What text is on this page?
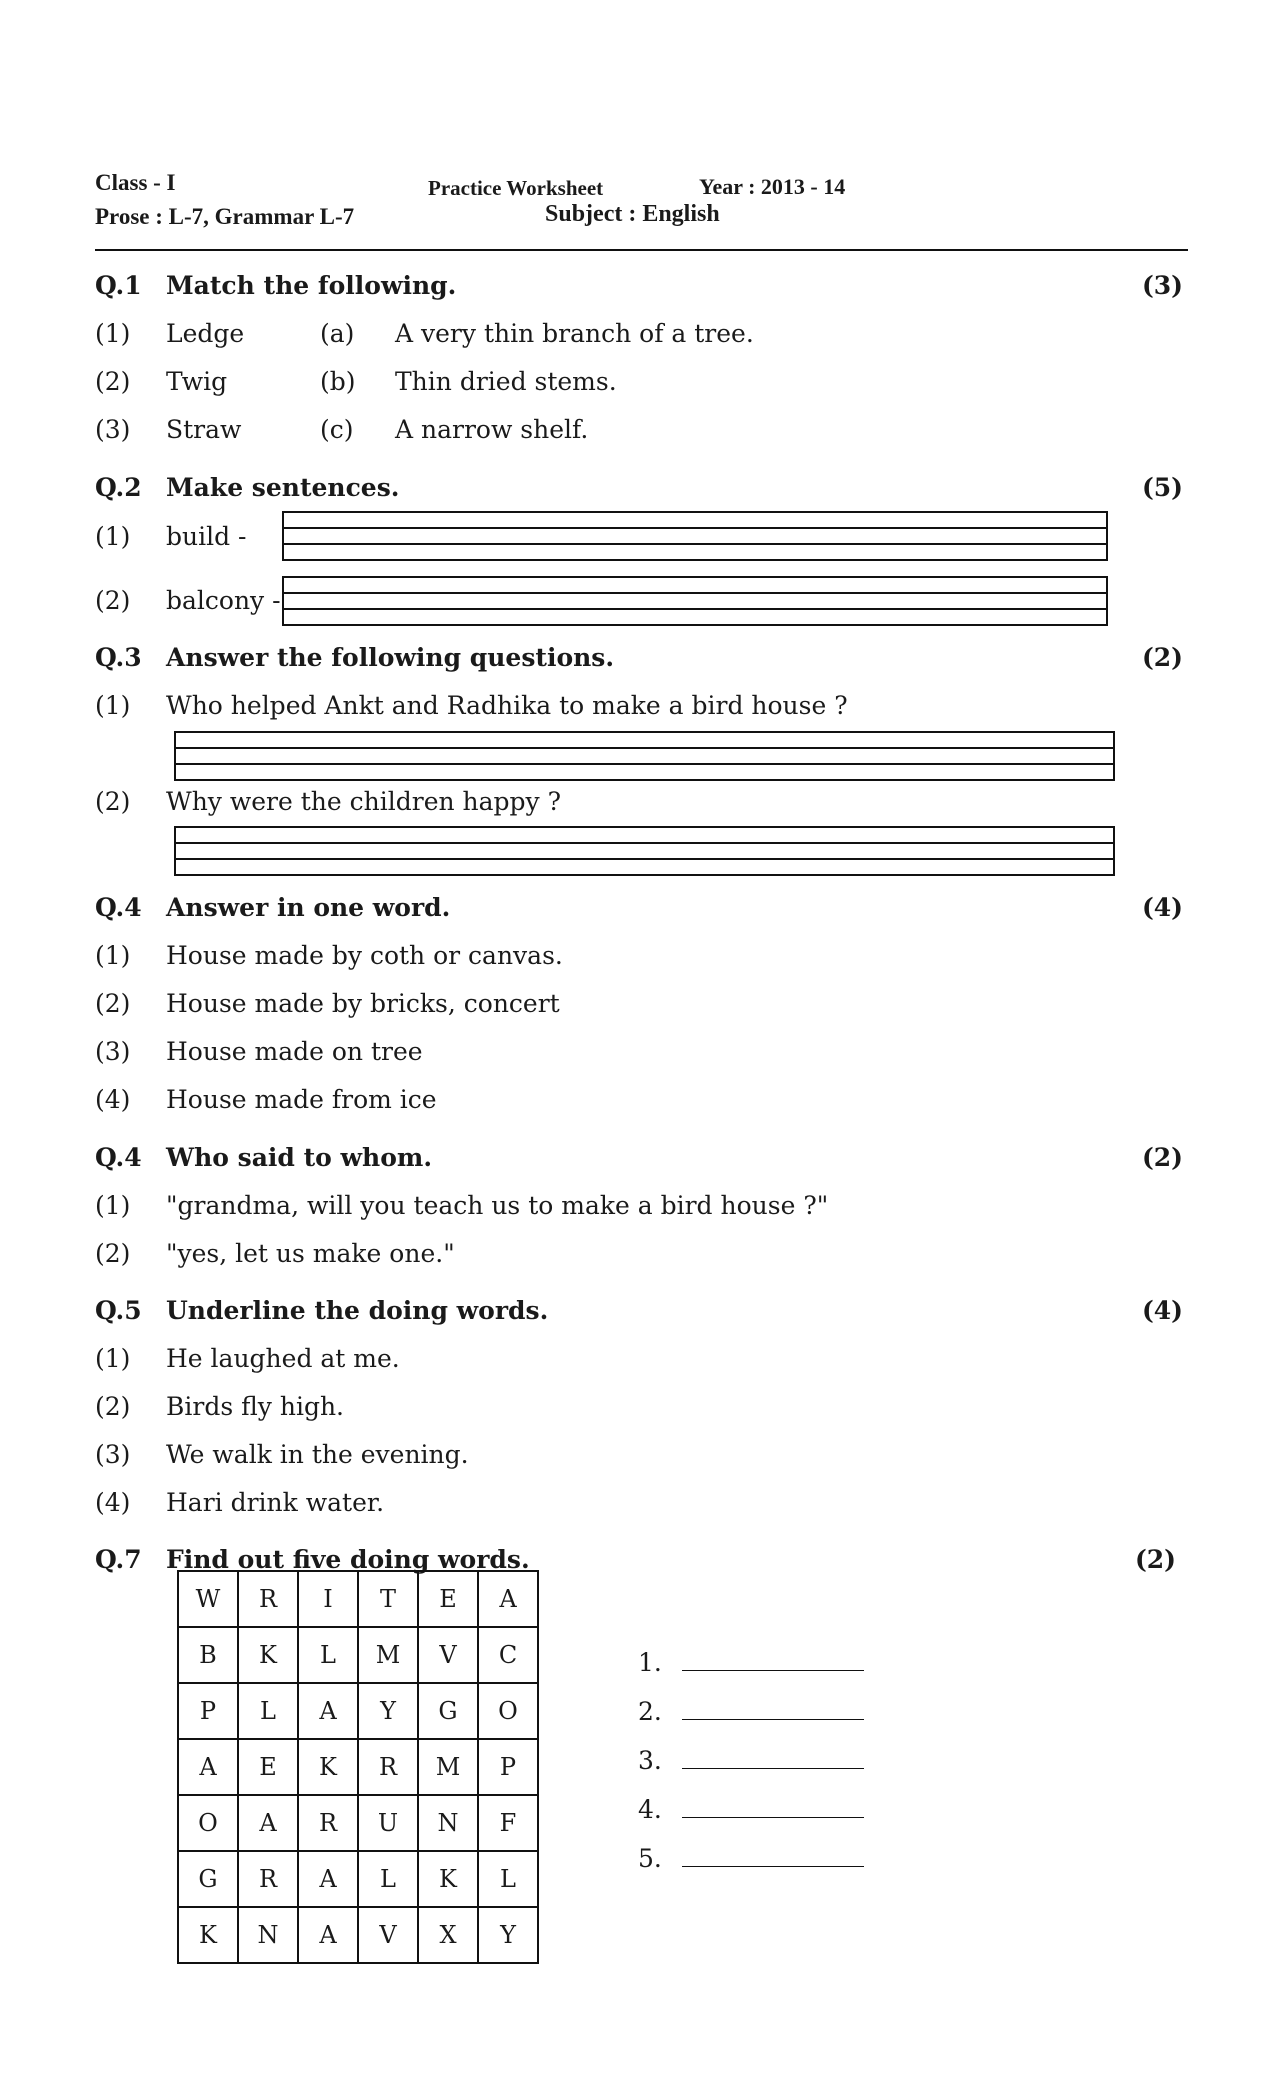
Class - I	Practice Worksheet	Year : 2013 - 14
Prose : L-7, Grammar L-7	Subject : English
Q.1 Match the following.	(3)
(1) Ledge	(a) A very thin branch of a tree.
(2) Twig	(b) Thin dried stems.
(3) Straw	(c) A narrow shelf.
Q.2 Make sentences.	(5)
(1) build -
(2) balcony -
Q.3 Answer the following questions.	(2)
(1) Who helped Ankt and Radhika to make a bird house ?
(2) Why were the children happy ?
Q.4 Answer in one word.	(4)
(1) House made by coth or canvas.
(2) House made by bricks, concert
(3) House made on tree
(4) House made from ice
Q.4 Who said to whom.	(2)
(1) "grandma, will you teach us to make a bird house ?"
(2) "yes, let us make one."
Q.5 Underline the doing words.	(4)
(1) He laughed at me.
(2) Birds fly high.
(3) We walk in the evening.
(4) Hari drink water.
Q.7 Find out five doing words.	(2)
W	R	I	T	E	A
B	K	L	M	V	C
P	L	A	Y	G	O
A	E	K	R	M	P
O	A	R	U	N	F
G	R	A	L	K	L
K	N	A	V	X	Y
1.
2.
3.
4.
5.
